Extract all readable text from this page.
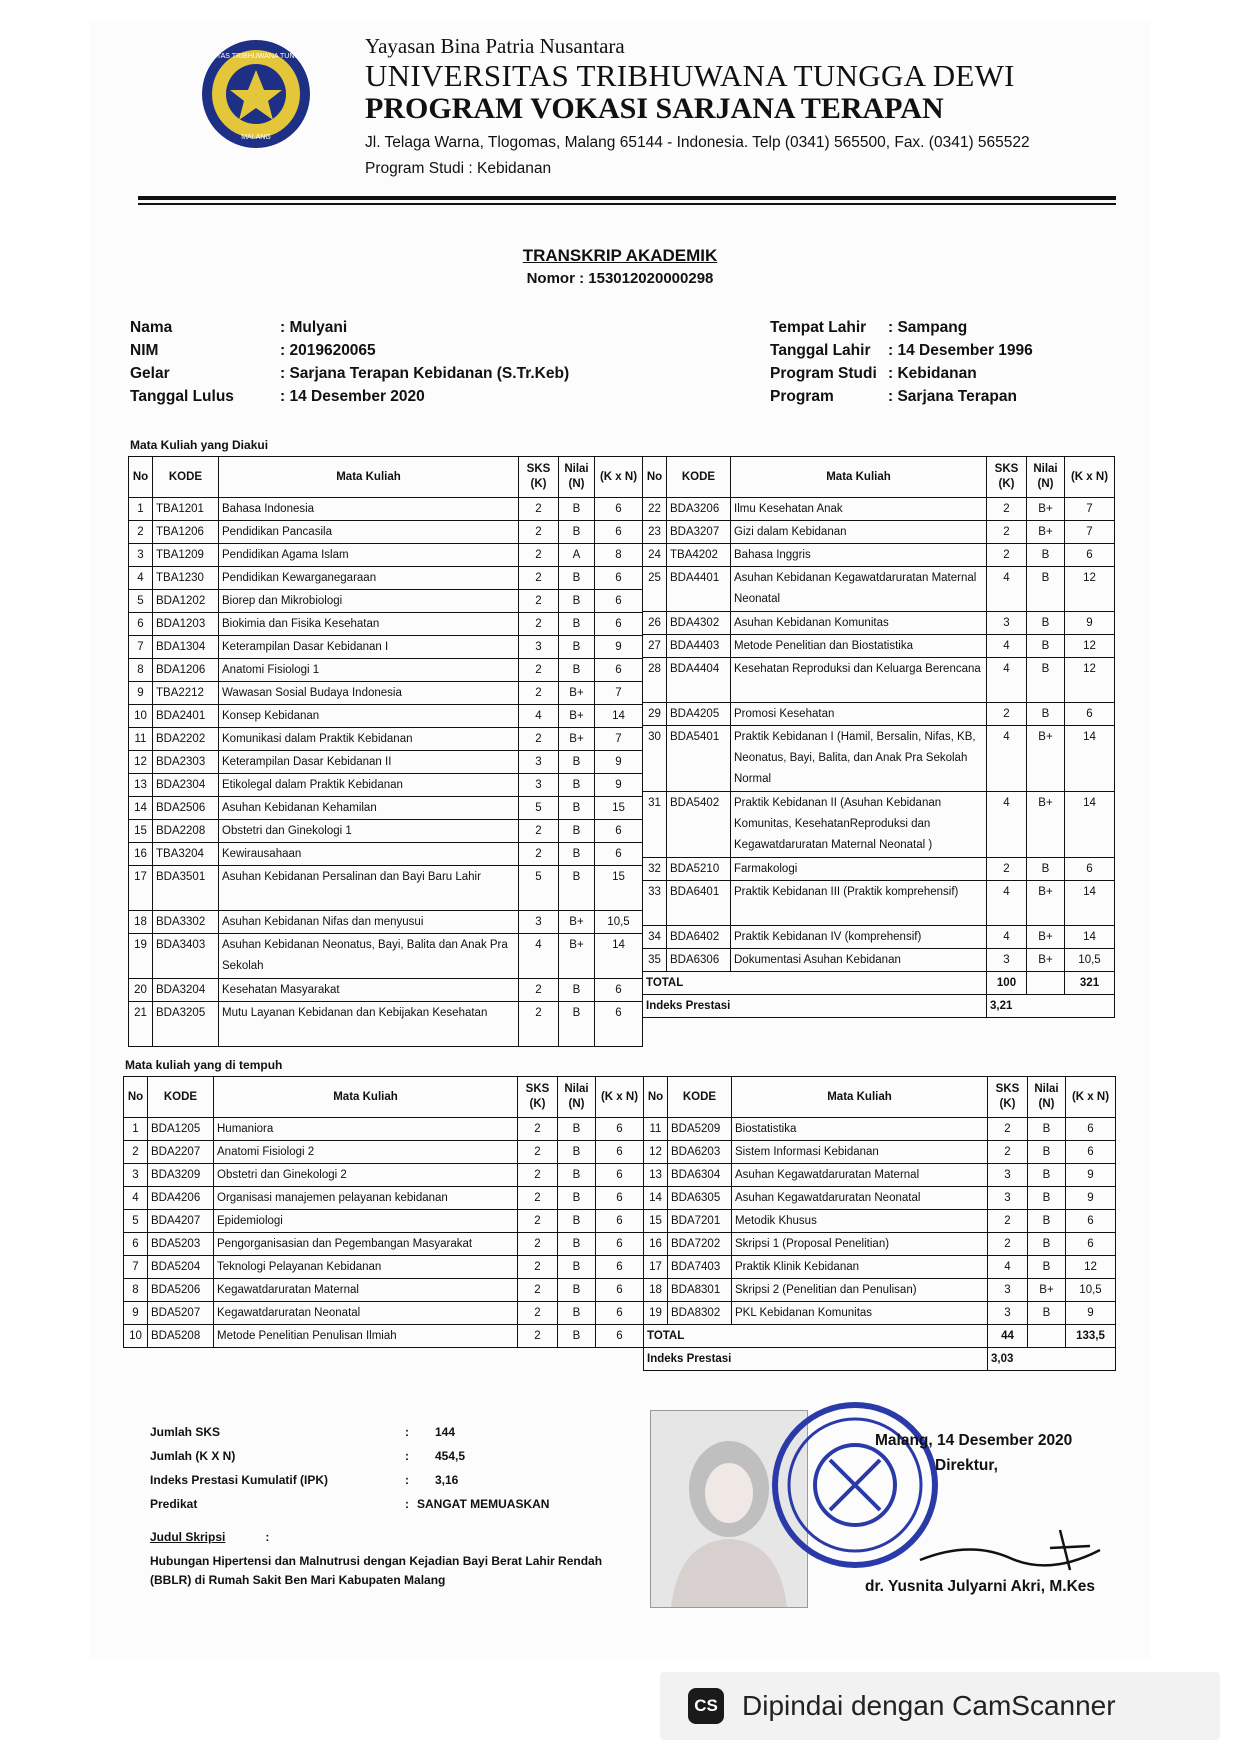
UNIVERSITAS TRIBHUWANA TUNGGADEWI
MALANG
Yayasan Bina Patria Nusantara
UNIVERSITAS TRIBHUWANA TUNGGA DEWI
PROGRAM VOKASI SARJANA TERAPAN
Jl. Telaga Warna, Tlogomas, Malang 65144 - Indonesia. Telp (0341) 565500, Fax. (0341) 565522
Program Studi : Kebidanan
TRANSKRIP AKADEMIK
Nomor : 153012020000298
Nama	: Mulyani
NIM	: 2019620065
Gelar	: Sarjana Terapan Kebidanan (S.Tr.Keb)
Tanggal Lulus	: 14 Desember 2020
Tempat Lahir : Sampang
Tanggal Lahir : 14 Desember 1996
Program Studi : Kebidanan
Program	: Sarjana Terapan
Mata Kuliah yang Diakui
No	KODE	Mata Kuliah	SKS (K)	Nilai (N)	(K x N)
1	TBA1201	Bahasa Indonesia	2	B	6
2	TBA1206	Pendidikan Pancasila	2	B	6
3	TBA1209	Pendidikan Agama Islam	2	A	8
4	TBA1230	Pendidikan Kewarganegaraan	2	B	6
5	BDA1202	Biorep dan Mikrobiologi	2	B	6
6	BDA1203	Biokimia dan Fisika Kesehatan	2	B	6
7	BDA1304	Keterampilan Dasar Kebidanan I	3	B	9
8	BDA1206	Anatomi Fisiologi 1	2	B	6
9	TBA2212	Wawasan Sosial Budaya Indonesia	2	B+	7
10	BDA2401	Konsep Kebidanan	4	B+	14
11	BDA2202	Komunikasi dalam Praktik Kebidanan	2	B+	7
12	BDA2303	Keterampilan Dasar Kebidanan II	3	B	9
13	BDA2304	Etikolegal dalam Praktik Kebidanan	3	B	9
14	BDA2506	Asuhan Kebidanan Kehamilan	5	B	15
15	BDA2208	Obstetri dan Ginekologi 1	2	B	6
16	TBA3204	Kewirausahaan	2	B	6
17	BDA3501	Asuhan Kebidanan Persalinan dan Bayi Baru Lahir	5	B	15
18	BDA3302	Asuhan Kebidanan Nifas dan menyusui	3	B+	10,5
19	BDA3403	Asuhan Kebidanan Neonatus, Bayi, Balita dan Anak Pra Sekolah	4	B+	14
20	BDA3204	Kesehatan Masyarakat	2	B	6
21	BDA3205	Mutu Layanan Kebidanan dan Kebijakan Kesehatan	2	B	6
No	KODE	Mata Kuliah	SKS (K)	Nilai (N)	(K x N)
22	BDA3206	Ilmu Kesehatan Anak	2	B+	7
23	BDA3207	Gizi dalam Kebidanan	2	B+	7
24	TBA4202	Bahasa Inggris	2	B	6
25	BDA4401	Asuhan Kebidanan Kegawatdaruratan Maternal Neonatal	4	B	12
26	BDA4302	Asuhan Kebidanan Komunitas	3	B	9
27	BDA4403	Metode Penelitian dan Biostatistika	4	B	12
28	BDA4404	Kesehatan Reproduksi dan Keluarga Berencana	4	B	12
29	BDA4205	Promosi Kesehatan	2	B	6
30	BDA5401	Praktik Kebidanan I (Hamil, Bersalin, Nifas, KB, Neonatus, Bayi, Balita, dan Anak Pra Sekolah Normal	4	B+	14
31	BDA5402	Praktik Kebidanan II (Asuhan Kebidanan Komunitas, KesehatanReproduksi dan Kegawatdaruratan Maternal Neonatal )	4	B+	14
32	BDA5210	Farmakologi	2	B	6
33	BDA6401	Praktik Kebidanan III (Praktik komprehensif)	4	B+	14
34	BDA6402	Praktik Kebidanan IV (komprehensif)	4	B+	14
35	BDA6306	Dokumentasi Asuhan Kebidanan	3	B+	10,5
TOTAL			100		321
Indeks Prestasi			3,21		
Mata kuliah yang di tempuh
No	KODE	Mata Kuliah	SKS (K)	Nilai (N)	(K x N)
1	BDA1205	Humaniora	2	B	6
2	BDA2207	Anatomi Fisiologi 2	2	B	6
3	BDA3209	Obstetri dan Ginekologi 2	2	B	6
4	BDA4206	Organisasi manajemen pelayanan kebidanan	2	B	6
5	BDA4207	Epidemiologi	2	B	6
6	BDA5203	Pengorganisasian dan Pegembangan Masyarakat	2	B	6
7	BDA5204	Teknologi Pelayanan Kebidanan	2	B	6
8	BDA5206	Kegawatdaruratan Maternal	2	B	6
9	BDA5207	Kegawatdaruratan Neonatal	2	B	6
10	BDA5208	Metode Penelitian Penulisan Ilmiah	2	B	6
No	KODE	Mata Kuliah	SKS (K)	Nilai (N)	(K x N)
11	BDA5209	Biostatistika	2	B	6
12	BDA6203	Sistem Informasi Kebidanan	2	B	6
13	BDA6304	Asuhan Kegawatdaruratan Maternal	3	B	9
14	BDA6305	Asuhan Kegawatdaruratan Neonatal	3	B	9
15	BDA7201	Metodik Khusus	2	B	6
16	BDA7202	Skripsi 1 (Proposal Penelitian)	2	B	6
17	BDA7403	Praktik Klinik Kebidanan	4	B	12
18	BDA8301	Skripsi 2 (Penelitian dan Penulisan)	3	B+	10,5
19	BDA8302	PKL Kebidanan Komunitas	3	B	9
TOTAL			44		133,5
Indeks Prestasi			3,03		
Jumlah SKS	: 144
Jumlah (K X N)	: 454,5
Indeks Prestasi Kumulatif (IPK)	: 3,16
Predikat	: SANGAT MEMUASKAN
Judul Skripsi	:
Hubungan Hipertensi dan Malnutrusi dengan Kejadian Bayi Berat Lahir Rendah (BBLR) di Rumah Sakit Ben Mari Kabupaten Malang
Malang, 14 Desember 2020
Direktur,
dr. Yusnita Julyarni Akri, M.Kes
CS Dipindai dengan CamScanner
